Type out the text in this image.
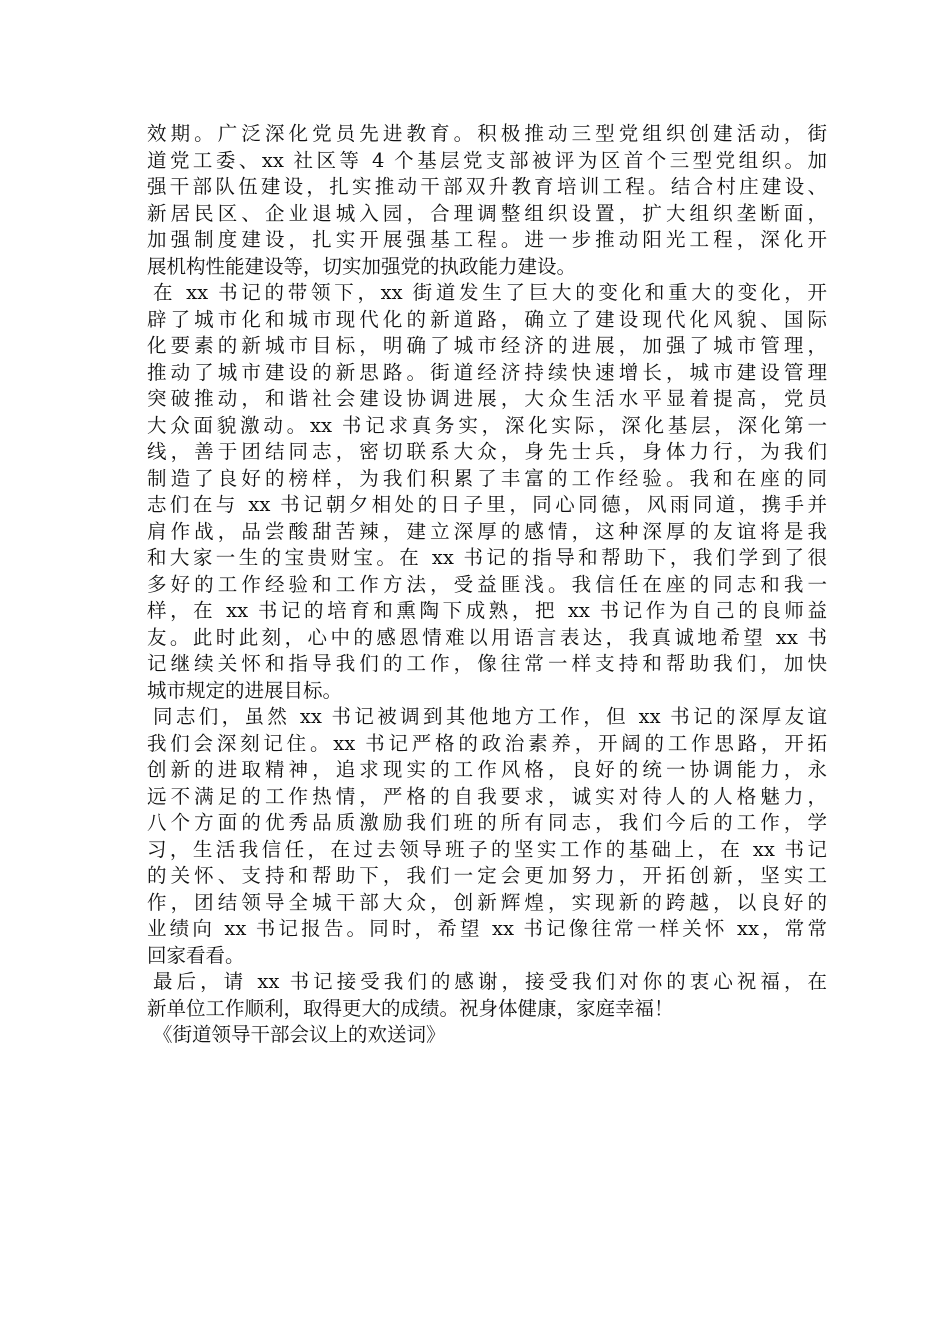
效期。广泛深化党员先进教育。积极推动三型党组织创建活动，街
道党工委、xx 社区等 4 个基层党支部被评为区首个三型党组织。加
强干部队伍建设，扎实推动干部双升教育培训工程。结合村庄建设、
新居民区、企业退城入园，合理调整组织设置，扩大组织垄断面，
加强制度建设，扎实开展强基工程。进一步推动阳光工程，深化开
展机构性能建设等，切实加强党的执政能力建设。
在 xx 书记的带领下，xx 街道发生了巨大的变化和重大的变化，开
辟了城市化和城市现代化的新道路，确立了建设现代化风貌、国际
化要素的新城市目标，明确了城市经济的进展，加强了城市管理，
推动了城市建设的新思路。街道经济持续快速增长，城市建设管理
突破推动，和谐社会建设协调进展，大众生活水平显着提高，党员
大众面貌激动。xx 书记求真务实，深化实际，深化基层，深化第一
线，善于团结同志，密切联系大众，身先士兵，身体力行，为我们
制造了良好的榜样，为我们积累了丰富的工作经验。我和在座的同
志们在与 xx 书记朝夕相处的日子里，同心同德，风雨同道，携手并
肩作战，品尝酸甜苦辣，建立深厚的感情，这种深厚的友谊将是我
和大家一生的宝贵财宝。在 xx 书记的指导和帮助下，我们学到了很
多好的工作经验和工作方法，受益匪浅。我信任在座的同志和我一
样，在 xx 书记的培育和熏陶下成熟，把 xx 书记作为自己的良师益
友。此时此刻，心中的感恩情难以用语言表达，我真诚地希望 xx 书
记继续关怀和指导我们的工作，像往常一样支持和帮助我们，加快
城市规定的进展目标。
同志们，虽然 xx 书记被调到其他地方工作，但 xx 书记的深厚友谊
我们会深刻记住。xx 书记严格的政治素养，开阔的工作思路，开拓
创新的进取精神，追求现实的工作风格，良好的统一协调能力，永
远不满足的工作热情，严格的自我要求，诚实对待人的人格魅力，
八个方面的优秀品质激励我们班的所有同志，我们今后的工作，学
习，生活我信任，在过去领导班子的坚实工作的基础上，在 xx 书记
的关怀、支持和帮助下，我们一定会更加努力，开拓创新，坚实工
作，团结领导全城干部大众，创新辉煌，实现新的跨越，以良好的
业绩向 xx 书记报告。同时，希望 xx 书记像往常一样关怀 xx，常常
回家看看。
最后，请 xx 书记接受我们的感谢，接受我们对你的衷心祝福，在
新单位工作顺利，取得更大的成绩。祝身体健康，家庭幸福！
《街道领导干部会议上的欢送词》
